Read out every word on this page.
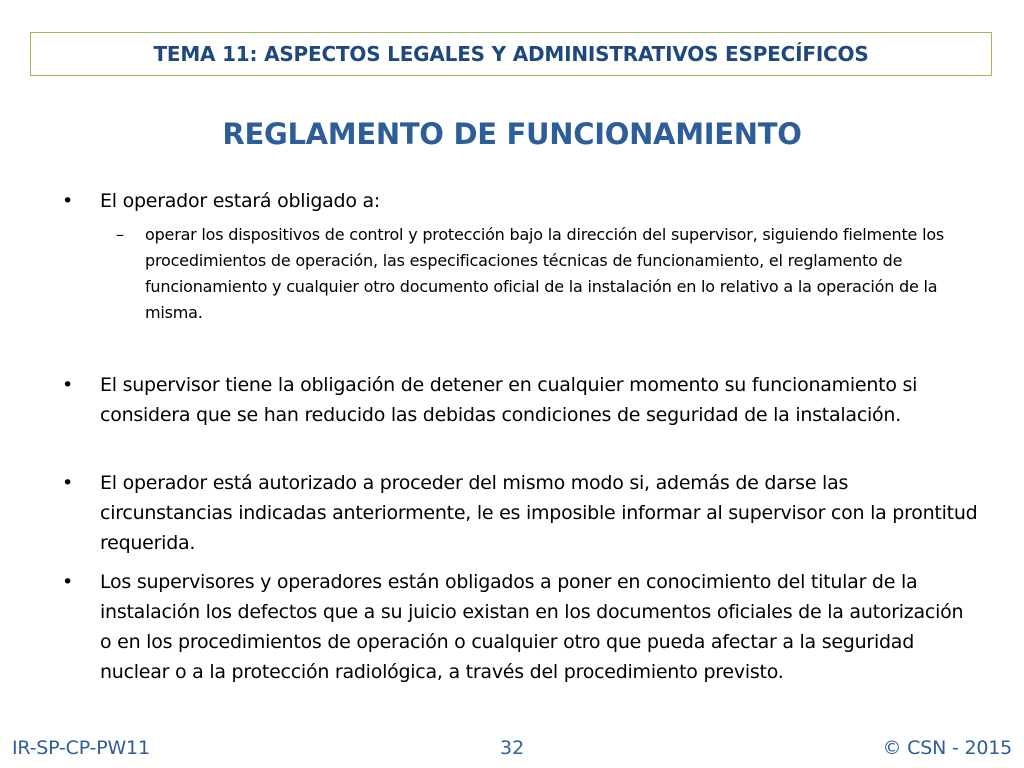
TEMA 11: ASPECTOS LEGALES Y ADMINISTRATIVOS ESPECÍFICOS
REGLAMENTO DE FUNCIONAMIENTO
• El operador estará obligado a:
– operar los dispositivos de control y protección bajo la dirección del supervisor, siguiendo fielmente los procedimientos de operación, las especificaciones técnicas de funcionamiento, el reglamento de funcionamiento y cualquier otro documento oficial de la instalación en lo relativo a la operación de la misma.
• El supervisor tiene la obligación de detener en cualquier momento su funcionamiento si considera que se han reducido las debidas condiciones de seguridad de la instalación.
• El operador está autorizado a proceder del mismo modo si, además de darse las circunstancias indicadas anteriormente, le es imposible informar al supervisor con la prontitud requerida.
• Los supervisores y operadores están obligados a poner en conocimiento del titular de la instalación los defectos que a su juicio existan en los documentos oficiales de la autorización o en los procedimientos de operación o cualquier otro que pueda afectar a la seguridad nuclear o a la protección radiológica, a través del procedimiento previsto.
IR-SP-CP-PW11	32	© CSN - 2015
